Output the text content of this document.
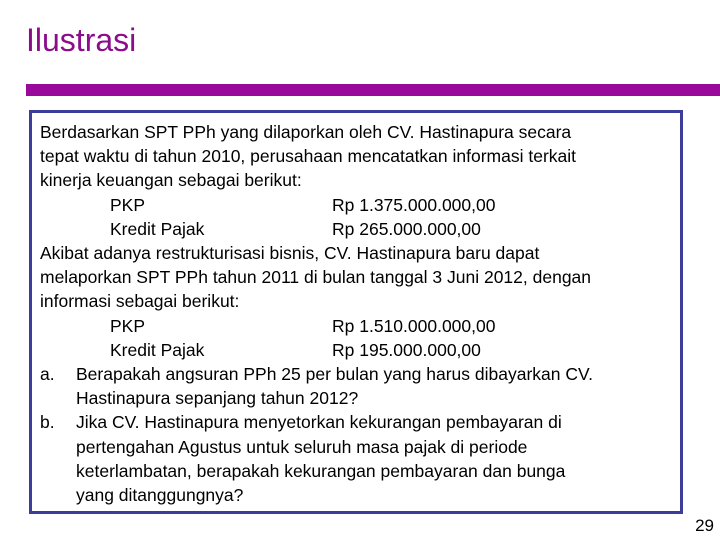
Ilustrasi
Berdasarkan SPT PPh yang dilaporkan oleh CV. Hastinapura secara
tepat waktu di tahun 2010, perusahaan mencatatkan informasi terkait
kinerja keuangan sebagai berikut:
PKP	Rp 1.375.000.000,00
Kredit Pajak	Rp 265.000.000,00
Akibat adanya restrukturisasi bisnis, CV. Hastinapura baru dapat
melaporkan SPT PPh tahun 2011 di bulan tanggal 3 Juni 2012, dengan
informasi sebagai berikut:
PKP	Rp 1.510.000.000,00
Kredit Pajak	Rp 195.000.000,00
a.	Berapakah angsuran PPh 25 per bulan yang harus dibayarkan CV.
Hastinapura sepanjang tahun 2012?
b.	Jika CV. Hastinapura menyetorkan kekurangan pembayaran di
pertengahan Agustus untuk seluruh masa pajak di periode
keterlambatan, berapakah kekurangan pembayaran dan bunga
yang ditanggungnya?
29
